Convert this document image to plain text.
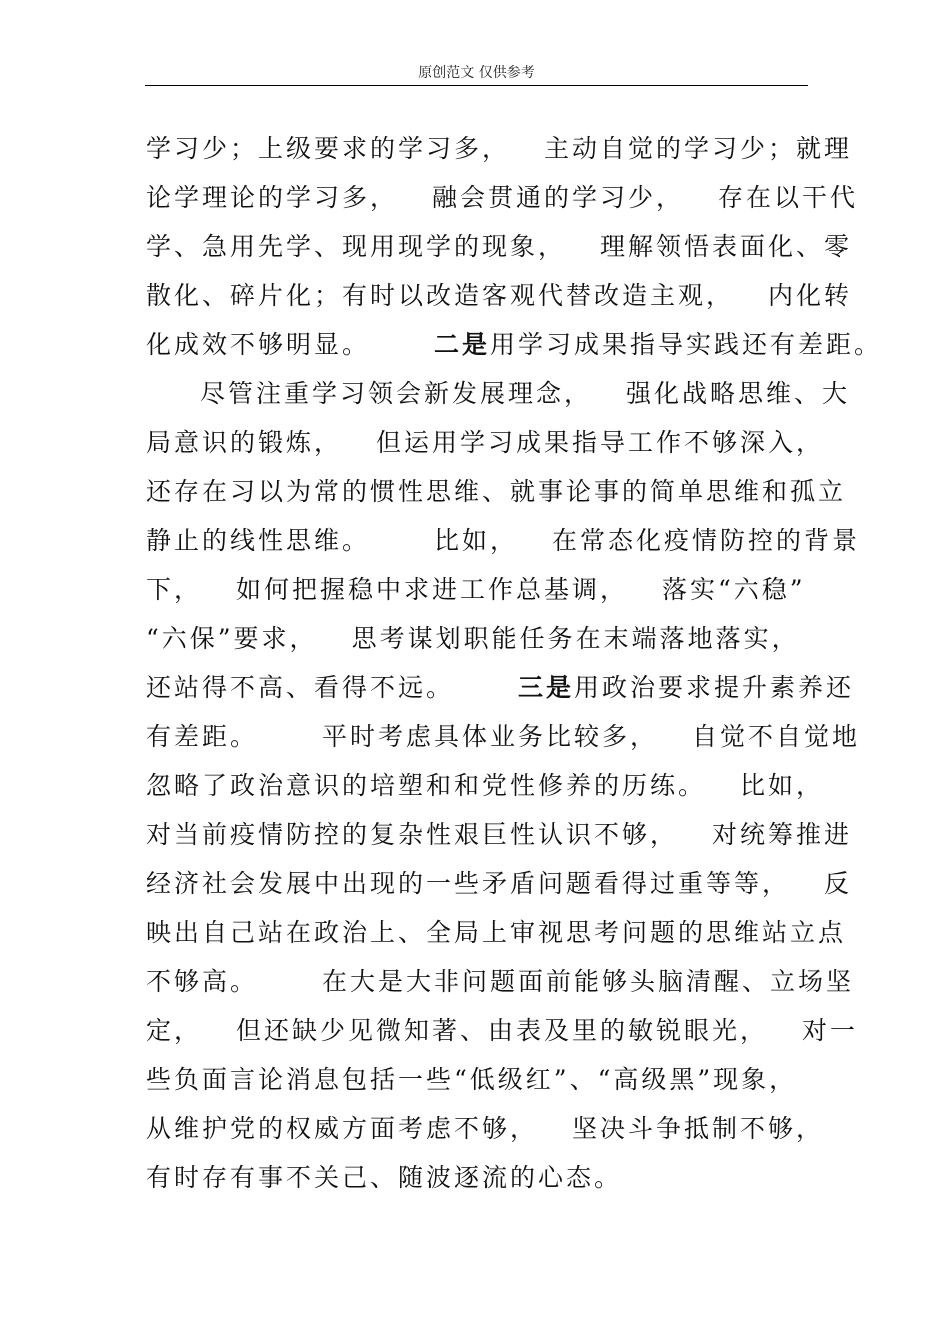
原创范文 仅供参考
学习少；上级要求的学习多， 主动自觉的学习少；就理
论学理论的学习多， 融会贯通的学习少， 存在以干代
学、急用先学、现用现学的现象， 理解领悟表面化、零
散化、碎片化；有时以改造客观代替改造主观， 内化转
化成效不够明显。	二是用学习成果指导实践还有差距。
尽管注重学习领会新发展理念， 强化战略思维、大
局意识的锻炼， 但运用学习成果指导工作不够深入，
还存在习以为常的惯性思维、就事论事的简单思维和孤立
静止的线性思维。	比如， 在常态化疫情防控的背景
下， 如何把握稳中求进工作总基调， 落实“六稳”
“六保”要求， 思考谋划职能任务在末端落地落实，
还站得不高、看得不远。	三是用政治要求提升素养还
有差距。	平时考虑具体业务比较多， 自觉不自觉地
忽略了政治意识的培塑和和党性修养的历练。 比如，
对当前疫情防控的复杂性艰巨性认识不够， 对统筹推进
经济社会发展中出现的一些矛盾问题看得过重等等， 反
映出自己站在政治上、全局上审视思考问题的思维站立点
不够高。	在大是大非问题面前能够头脑清醒、立场坚
定， 但还缺少见微知著、由表及里的敏锐眼光， 对一
些负面言论消息包括一些“低级红”、“高级黑”现象，
从维护党的权威方面考虑不够， 坚决斗争抵制不够，
有时存有事不关己、随波逐流的心态。
